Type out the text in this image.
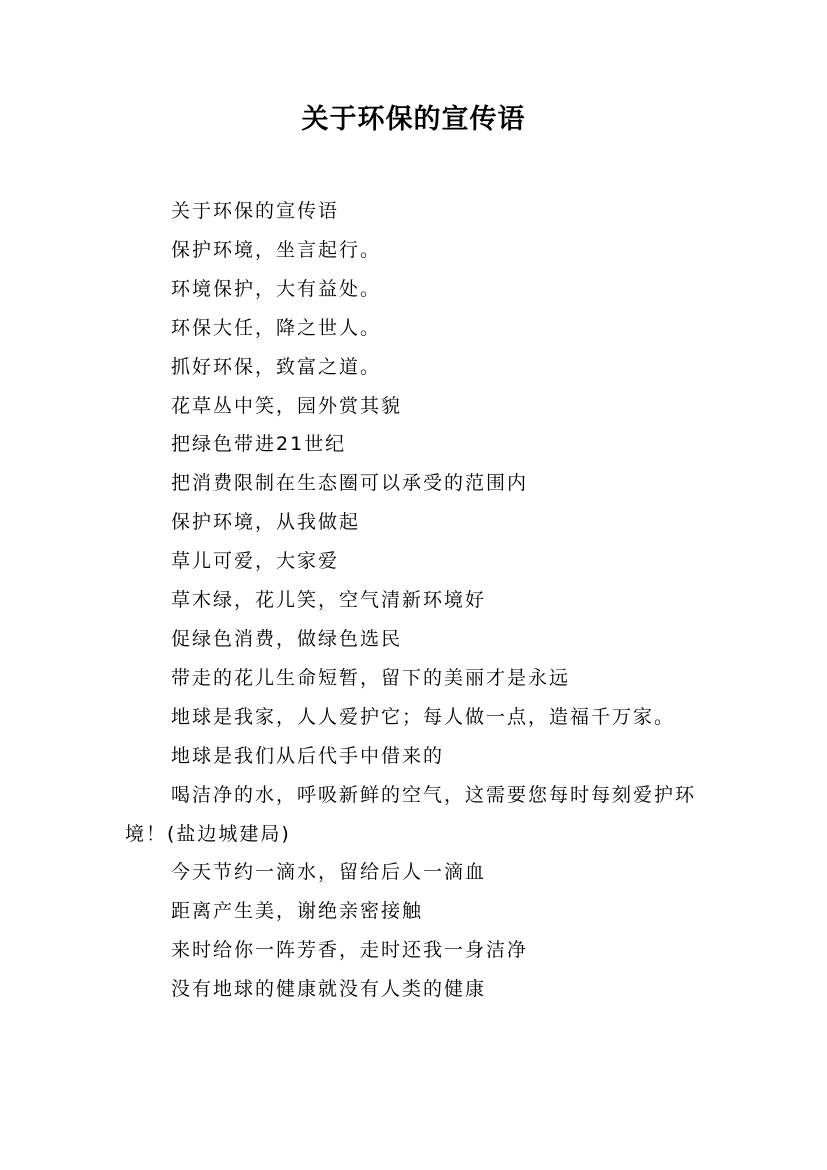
关于环保的宣传语

关于环保的宣传语

保护环境，坐言起行。

环境保护，大有益处。

环保大任，降之世人。

抓好环保，致富之道。

花草丛中笑，园外赏其貌

把绿色带进21世纪

把消费限制在生态圈可以承受的范围内

保护环境，从我做起

草儿可爱，大家爱

草木绿，花儿笑，空气清新环境好

促绿色消费，做绿色选民

带走的花儿生命短暂，留下的美丽才是永远

地球是我家，人人爱护它；每人做一点，造福千万家。

地球是我们从后代手中借来的

喝洁净的水，呼吸新鲜的空气，这需要您每时每刻爱护环境！(盐边城建局)

今天节约一滴水，留给后人一滴血

距离产生美，谢绝亲密接触

来时给你一阵芳香，走时还我一身洁净

没有地球的健康就没有人类的健康
